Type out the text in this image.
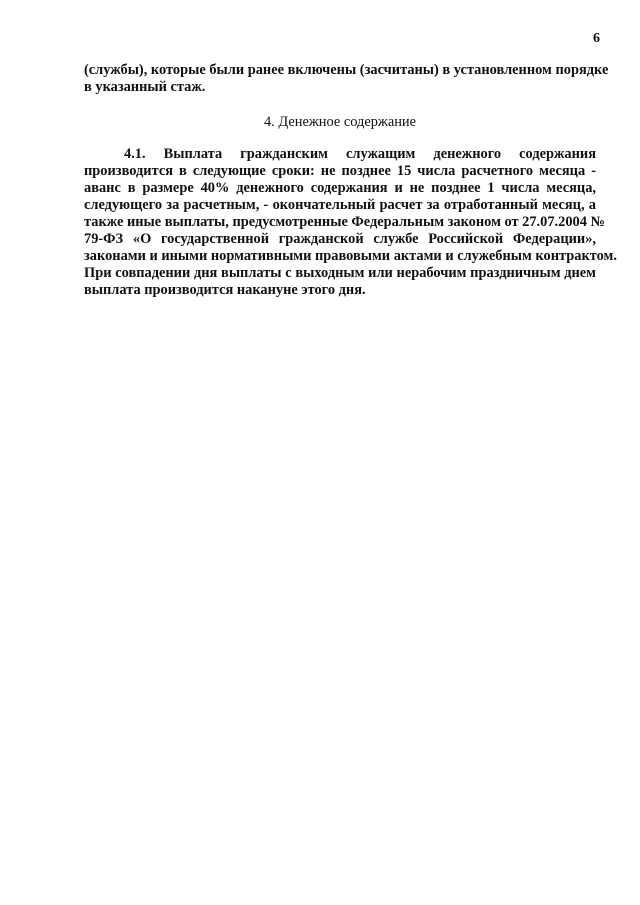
6
(службы), которые были ранее включены (засчитаны) в установленном порядке
в указанный стаж.
4. Денежное содержание
4.1. Выплата гражданским служащим денежного содержания
производится в следующие сроки: не позднее 15 числа расчетного месяца -
аванс в размере 40% денежного содержания и не позднее 1 числа месяца,
следующего за расчетным, - окончательный расчет за отработанный месяц, а
также иные выплаты, предусмотренные Федеральным законом от 27.07.2004 №
79-ФЗ «О государственной гражданской службе Российской Федерации»,
законами и иными нормативными правовыми актами и служебным контрактом.
При совпадении дня выплаты с выходным или нерабочим праздничным днем
выплата производится накануне этого дня.
